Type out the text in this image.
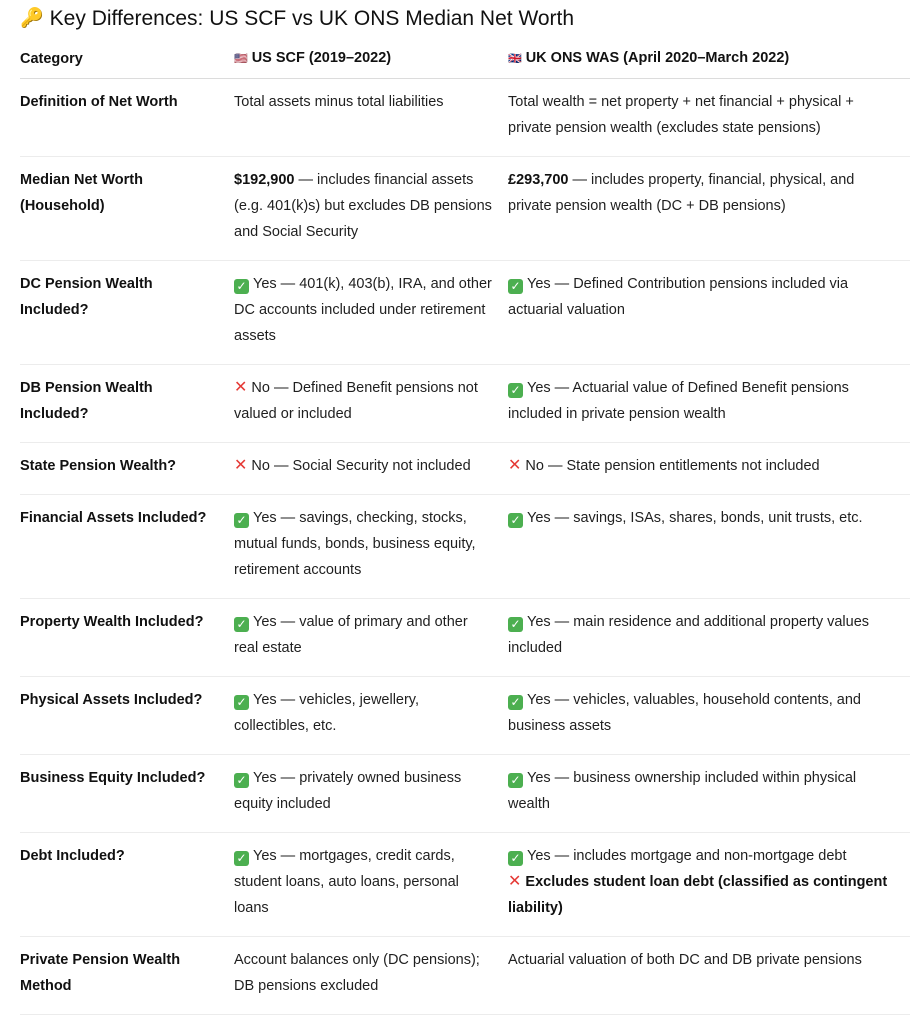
🔑 Key Differences: US SCF vs UK ONS Median Net Worth
Category	🇺🇸 US SCF (2019–2022)	🇬🇧 UK ONS WAS (April 2020–March 2022)
Definition of Net Worth	Total assets minus total liabilities	Total wealth = net property + net financial + physical + private pension wealth (excludes state pensions)
Median Net Worth (Household)	$192,900 — includes financial assets (e.g. 401(k)s) but excludes DB pensions and Social Security	£293,700 — includes property, financial, physical, and private pension wealth (DC + DB pensions)
DC Pension Wealth Included?	✓ Yes — 401(k), 403(b), IRA, and other DC accounts included under retirement assets	✓ Yes — Defined Contribution pensions included via actuarial valuation
DB Pension Wealth Included?	✕ No — Defined Benefit pensions not valued or included	✓ Yes — Actuarial value of Defined Benefit pensions included in private pension wealth
State Pension Wealth?	✕ No — Social Security not included	✕ No — State pension entitlements not included
Financial Assets Included?	✓ Yes — savings, checking, stocks, mutual funds, bonds, business equity, retirement accounts	✓ Yes — savings, ISAs, shares, bonds, unit trusts, etc.
Property Wealth Included?	✓ Yes — value of primary and other real estate	✓ Yes — main residence and additional property values included
Physical Assets Included?	✓ Yes — vehicles, jewellery, collectibles, etc.	✓ Yes — vehicles, valuables, household contents, and business assets
Business Equity Included?	✓ Yes — privately owned business equity included	✓ Yes — business ownership included within physical wealth
Debt Included?	✓ Yes — mortgages, credit cards, student loans, auto loans, personal loans	✓ Yes — includes mortgage and non-mortgage debt
✕ Excludes student loan debt (classified as contingent liability)
Private Pension Wealth Method	Account balances only (DC pensions); DB pensions excluded	Actuarial valuation of both DC and DB private pensions
